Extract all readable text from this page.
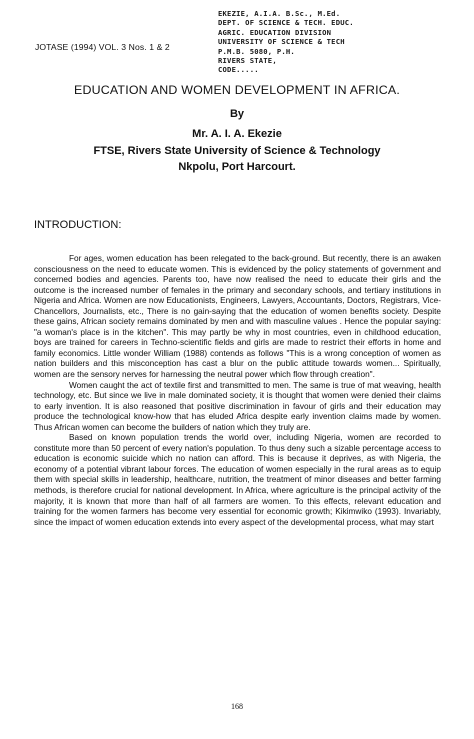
EKEZIE, A.I.A. B.Sc., M.Ed.
DEPT. OF SCIENCE & TECH. EDUC.
AGRIC. EDUCATION DIVISION
UNIVERSITY OF SCIENCE & TECH
P.M.B. 5080, P.H.
RIVERS STATE,
CODE.....
JOTASE (1994) VOL. 3 Nos. 1 & 2
EDUCATION AND WOMEN DEVELOPMENT IN AFRICA.
By
Mr. A. I. A. Ekezie
FTSE, Rivers State University of Science & Technology
Nkpolu, Port Harcourt.
INTRODUCTION:

For ages, women education has been relegated to the back-ground. But recently, there is an awaken consciousness on the need to educate women. This is evidenced by the policy statements of government and concerned bodies and agencies. Parents too, have now realised the need to educate their girls and the outcome is the increased number of females in the primary and secondary schools, and tertiary institutions in Nigeria and Africa. Women are now Educationists, Engineers, Lawyers, Accountants, Doctors, Registrars, Vice-Chancellors, Journalists, etc., There is no gain-saying that the education of women benefits society. Despite these gains, African society remains dominated by men and with masculine values . Hence the popular saying: "a woman's place is in the kitchen". This may partly be why in most countries, even in childhood education, boys are trained for careers in Techno-scientific fields and girls are made to restrict their efforts in home and family economics. Little wonder William (1988) contends as follows "This is a wrong conception of women as nation builders and this misconception has cast a blur on the public attitude towards women... Spiritually, women are the sensory nerves for harnessing the neutral power which flow through creation".

Women caught the act of textile first and transmitted to men. The same is true of mat weaving, health technology, etc. But since we live in male dominated society, it is thought that women were denied their claims to early invention. It is also reasoned that positive discrimination in favour of girls and their education may produce the technological know-how that has eluded Africa despite early invention claims made by women. Thus African women can become the builders of nation which they truly are.

Based on known population trends the world over, including Nigeria, women are recorded to constitute more than 50 percent of every nation's population. To thus deny such a sizable percentage access to education is economic suicide which no nation can afford. This is because it deprives, as with Nigeria, the economy of a potential vibrant labour forces. The education of women especially in the rural areas as to equip them with special skills in leadership, healthcare, nutrition, the treatment of minor diseases and better farming methods, is therefore crucial for national development. In Africa, where agriculture is the principal activity of the majority, it is known that more than half of all farmers are women. To this effects, relevant education and training for the women farmers has become very essential for economic growth; Kikimwiko (1993). Invariably, since the impact of women education extends into every aspect of the developmental process, what may start

168
